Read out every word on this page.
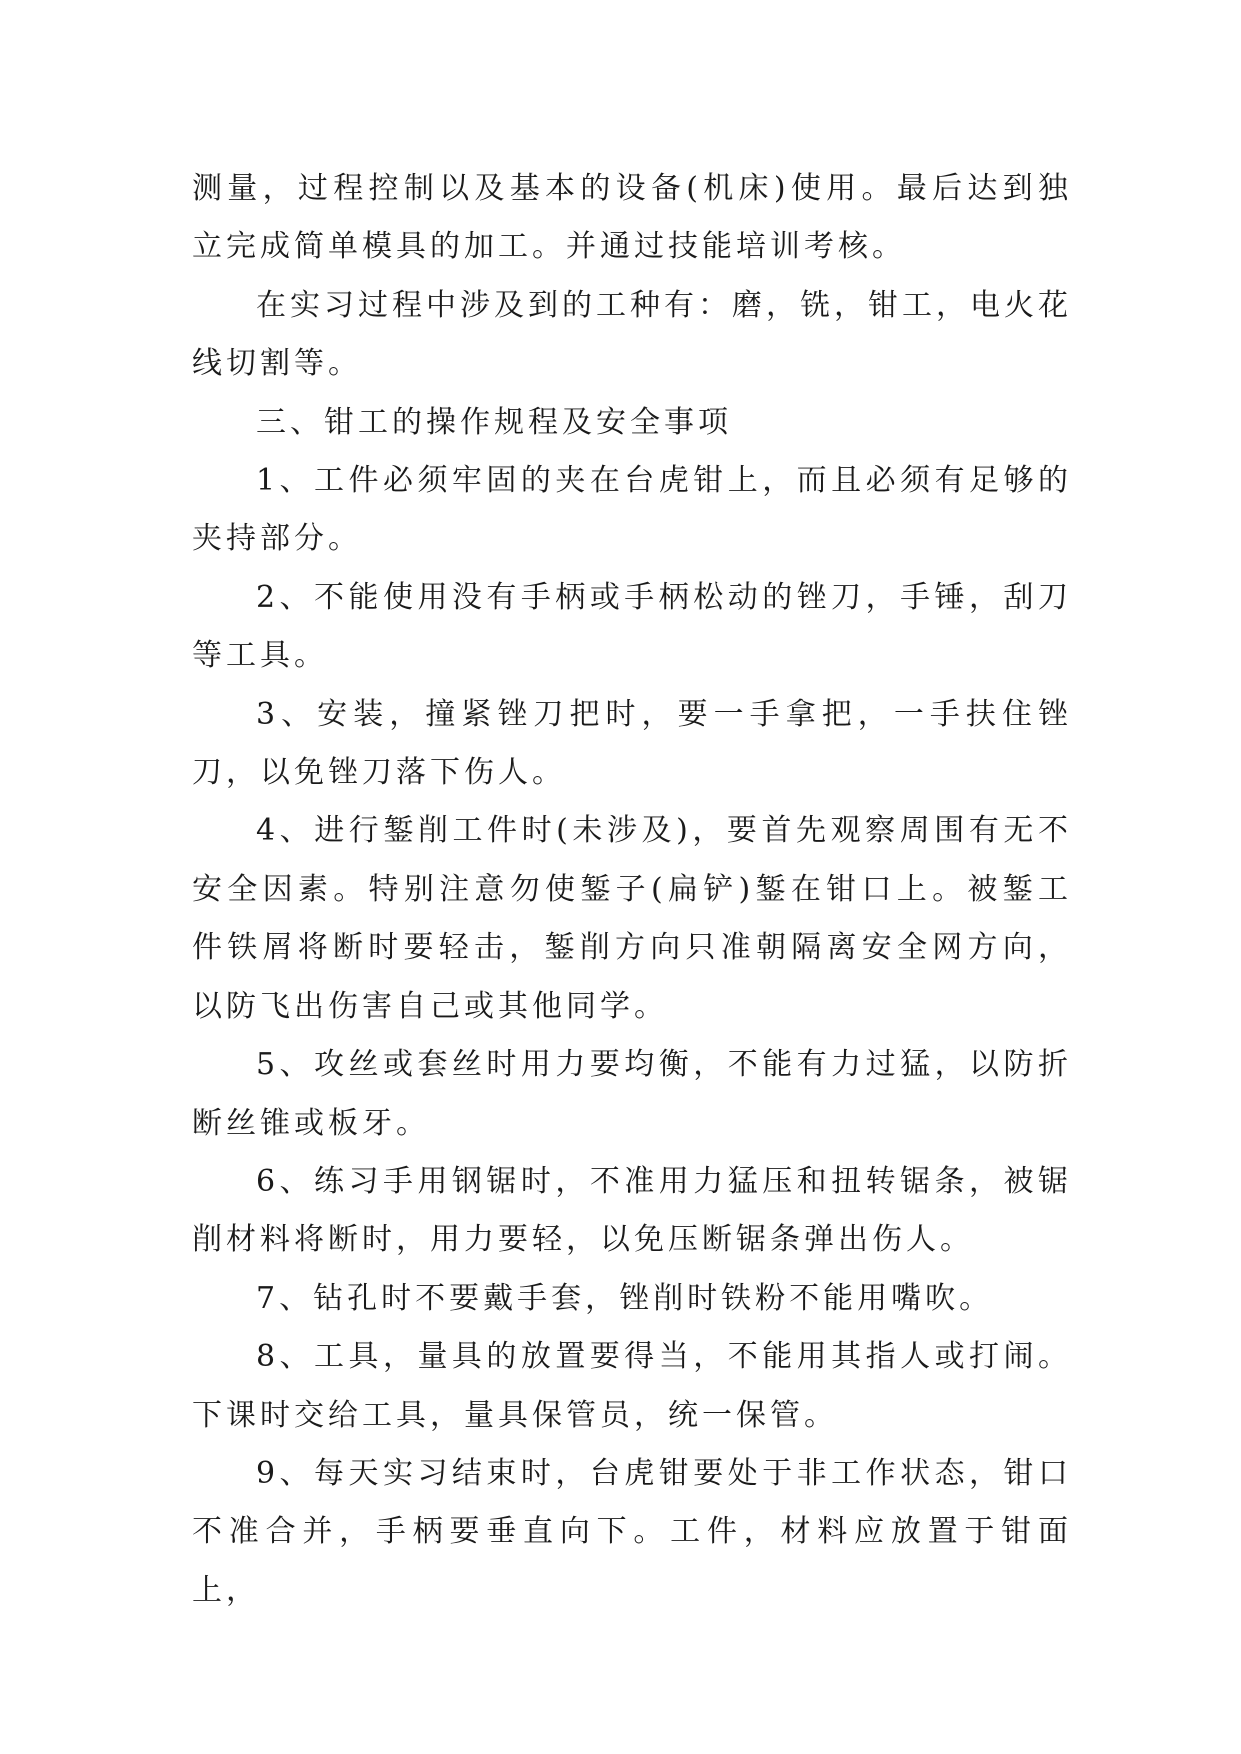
测量，过程控制以及基本的设备(机床)使用。最后达到独立完成简单模具的加工。并通过技能培训考核。

在实习过程中涉及到的工种有：磨，铣，钳工，电火花线切割等。

三、钳工的操作规程及安全事项

1、工件必须牢固的夹在台虎钳上，而且必须有足够的夹持部分。

2、不能使用没有手柄或手柄松动的锉刀，手锤，刮刀等工具。

3、安装，撞紧锉刀把时，要一手拿把，一手扶住锉刀，以免锉刀落下伤人。

4、进行錾削工件时(未涉及)，要首先观察周围有无不安全因素。特别注意勿使錾子(扁铲)錾在钳口上。被錾工件铁屑将断时要轻击，錾削方向只准朝隔离安全网方向，以防飞出伤害自己或其他同学。

5、攻丝或套丝时用力要均衡，不能有力过猛，以防折断丝锥或板牙。

6、练习手用钢锯时，不准用力猛压和扭转锯条，被锯削材料将断时，用力要轻，以免压断锯条弹出伤人。

7、钻孔时不要戴手套，锉削时铁粉不能用嘴吹。

8、工具，量具的放置要得当，不能用其指人或打闹。下课时交给工具，量具保管员，统一保管。

9、每天实习结束时，台虎钳要处于非工作状态，钳口不准合并，手柄要垂直向下。工件，材料应放置于钳面上，
